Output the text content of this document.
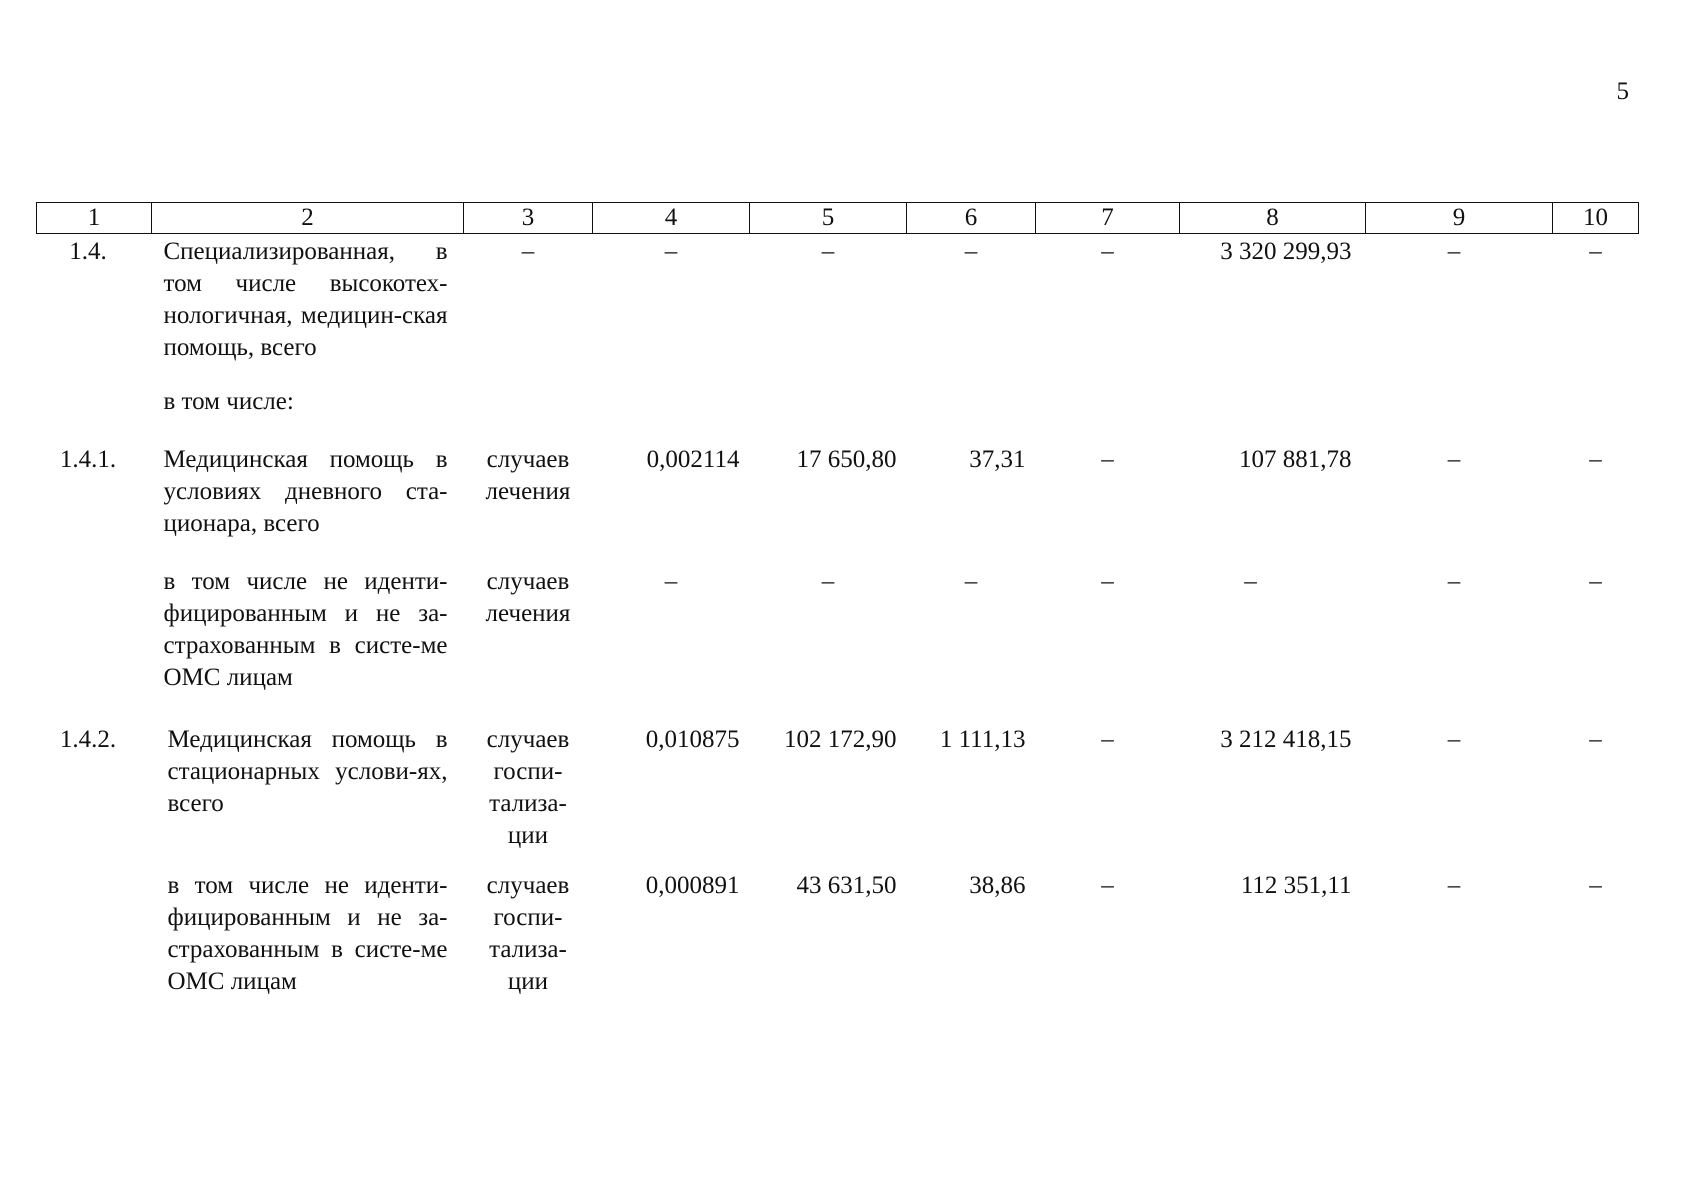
5
1	2	3	4	5	6	7	8	9	10
1.4.	Специализированная, в том числе высокотех-нологичная, медицин-ская помощь, всего	–	–	–	–	–	3 320 299,93	–	–
	в том числе:								
1.4.1.	Медицинская помощь в условиях дневного ста-ционара, всего	случаев лечения	0,002114	17 650,80	37,31	–	107 881,78	–	–
	в том числе не иденти-фицированным и не за-страхованным в систе-ме ОМС лицам	случаев лечения	–	–	–	–	–	–	–
1.4.2.	Медицинская помощь в стационарных услови-ях, всего	случаев госпи-тализа-ции	0,010875	102 172,90	1 111,13	–	3 212 418,15	–	–
	в том числе не иденти-фицированным и не за-страхованным в систе-ме ОМС лицам	случаев госпи-тализа-ции	0,000891	43 631,50	38,86	–	112 351,11	–	–
